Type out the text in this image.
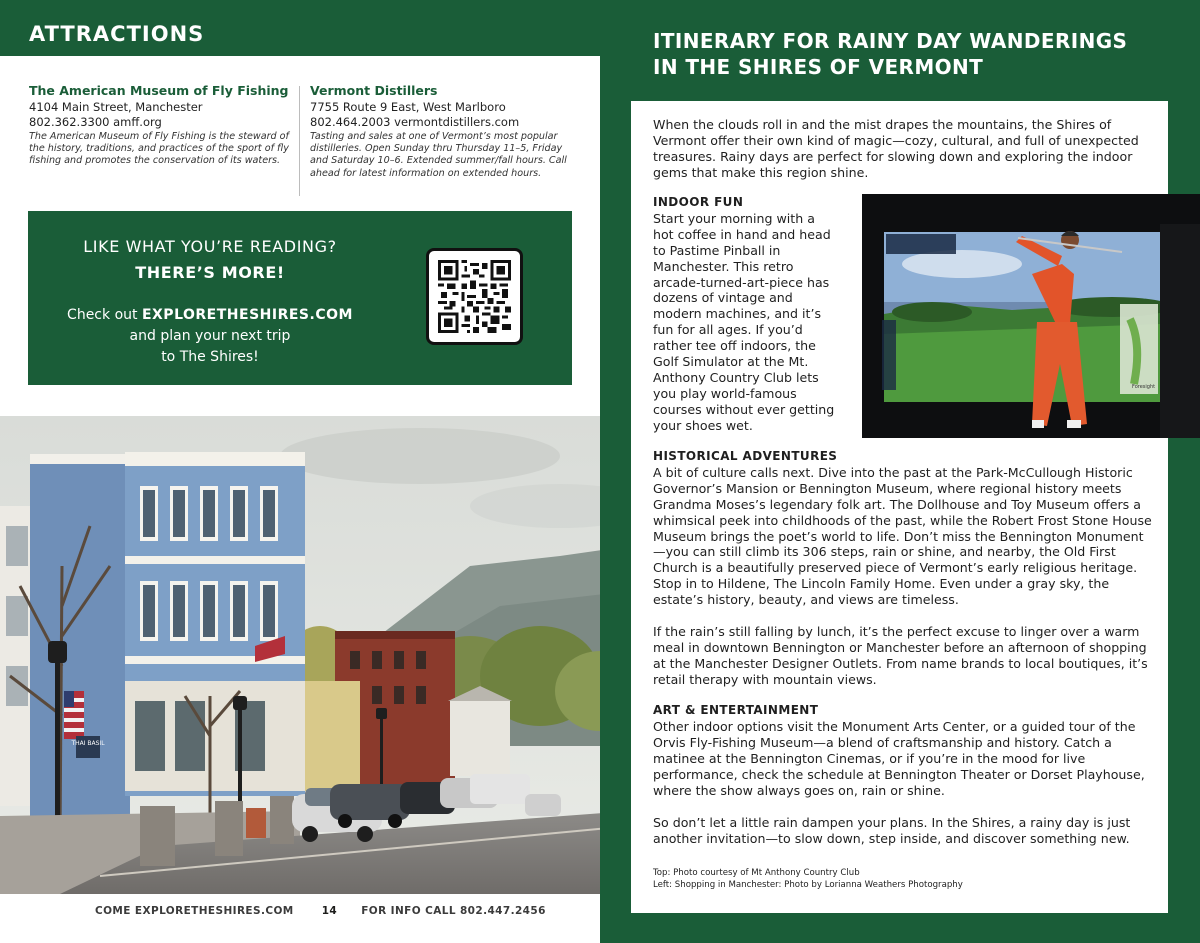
ATTRACTIONS
The American Museum of Fly Fishing
4104 Main Street, Manchester
802.362.3300 amff.org
The American Museum of Fly Fishing is the steward of the history, traditions, and practices of the sport of fly fishing and promotes the conservation of its waters.
Vermont Distillers
7755 Route 9 East, West Marlboro
802.464.2003 vermontdistillers.com
Tasting and sales at one of Vermont’s most popular distilleries. Open Sunday thru Thursday 11–5, Friday and Saturday 10–6. Extended summer/fall hours. Call ahead for latest information on extended hours.
LIKE WHAT YOU’RE READING?
THERE’S MORE!
Check out EXPLORETHESHIRES.COM
and plan your next trip
to The Shires!
THAI BASIL
COME EXPLORETHESHIRES.COM	14 FOR INFO CALL 802.447.2456
ITINERARY FOR RAINY DAY WANDERINGS
IN THE SHIRES OF VERMONT

When the clouds roll in and the mist drapes the mountains, the Shires of Vermont offer their own kind of magic—cozy, cultural, and full of unexpected treasures. Rainy days are perfect for slowing down and exploring the indoor gems that make this region shine.

INDOOR FUN
Start your morning with a hot coffee in hand and head to Pastime Pinball in Manchester. This retro arcade-turned-art-piece has dozens of vintage and modern machines, and it’s fun for all ages. If you’d rather tee off indoors, the Golf Simulator at the Mt. Anthony Country Club lets you play world-famous courses without ever getting your shoes wet.
HISTORICAL ADVENTURES
A bit of culture calls next. Dive into the past at the Park-McCullough Historic Governor’s Mansion or Bennington Museum, where regional history meets Grandma Moses’s legendary folk art. The Dollhouse and Toy Museum offers a whimsical peek into childhoods of the past, while the Robert Frost Stone House Museum brings the poet’s world to life. Don’t miss the Bennington Monument—you can still climb its 306 steps, rain or shine, and nearby, the Old First Church is a beautifully preserved piece of Vermont’s early religious heritage. Stop in to Hildene, The Lincoln Family Home. Even under a gray sky, the estate’s history, beauty, and views are timeless.

If the rain’s still falling by lunch, it’s the perfect excuse to linger over a warm meal in downtown Bennington or Manchester before an afternoon of shopping at the Manchester Designer Outlets. From name brands to local boutiques, it’s retail therapy with mountain views.

ART & ENTERTAINMENT
Other indoor options visit the Monument Arts Center, or a guided tour of the Orvis Fly-Fishing Museum—a blend of craftsmanship and history. Catch a matinee at the Bennington Cinemas, or if you’re in the mood for live performance, check the schedule at Bennington Theater or Dorset Playhouse, where the show always goes on, rain or shine.

So don’t let a little rain dampen your plans. In the Shires, a rainy day is just another invitation—to slow down, step inside, and discover something new.

Top: Photo courtesy of Mt Anthony Country Club
Left: Shopping in Manchester: Photo by Lorianna Weathers Photography
Foresight
